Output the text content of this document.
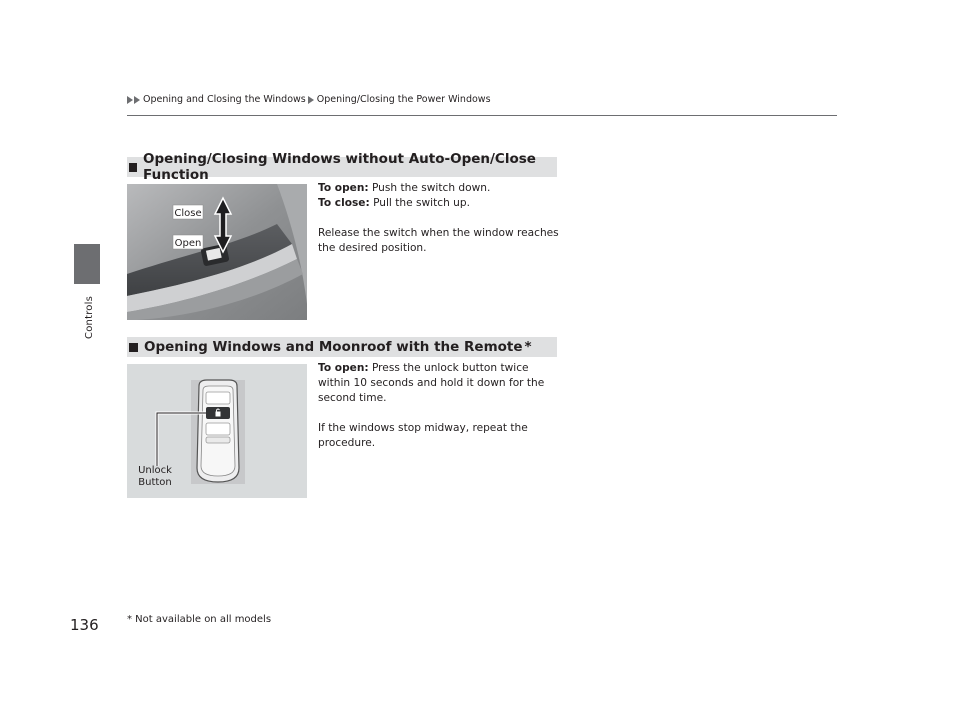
Controls
136
Opening and Closing the Windows Opening/Closing the Power Windows
Opening/Closing Windows without Auto-Open/Close Function
Close
Open

To open: Push the switch down.

To close: Pull the switch up.

Release the switch when the window reaches

the desired position.

Opening Windows and Moonroof with the Remote *
Unlock
Button

To open: Press the unlock button twice

within 10 seconds and hold it down for the

second time.

If the windows stop midway, repeat the

procedure.

* Not available on all models
